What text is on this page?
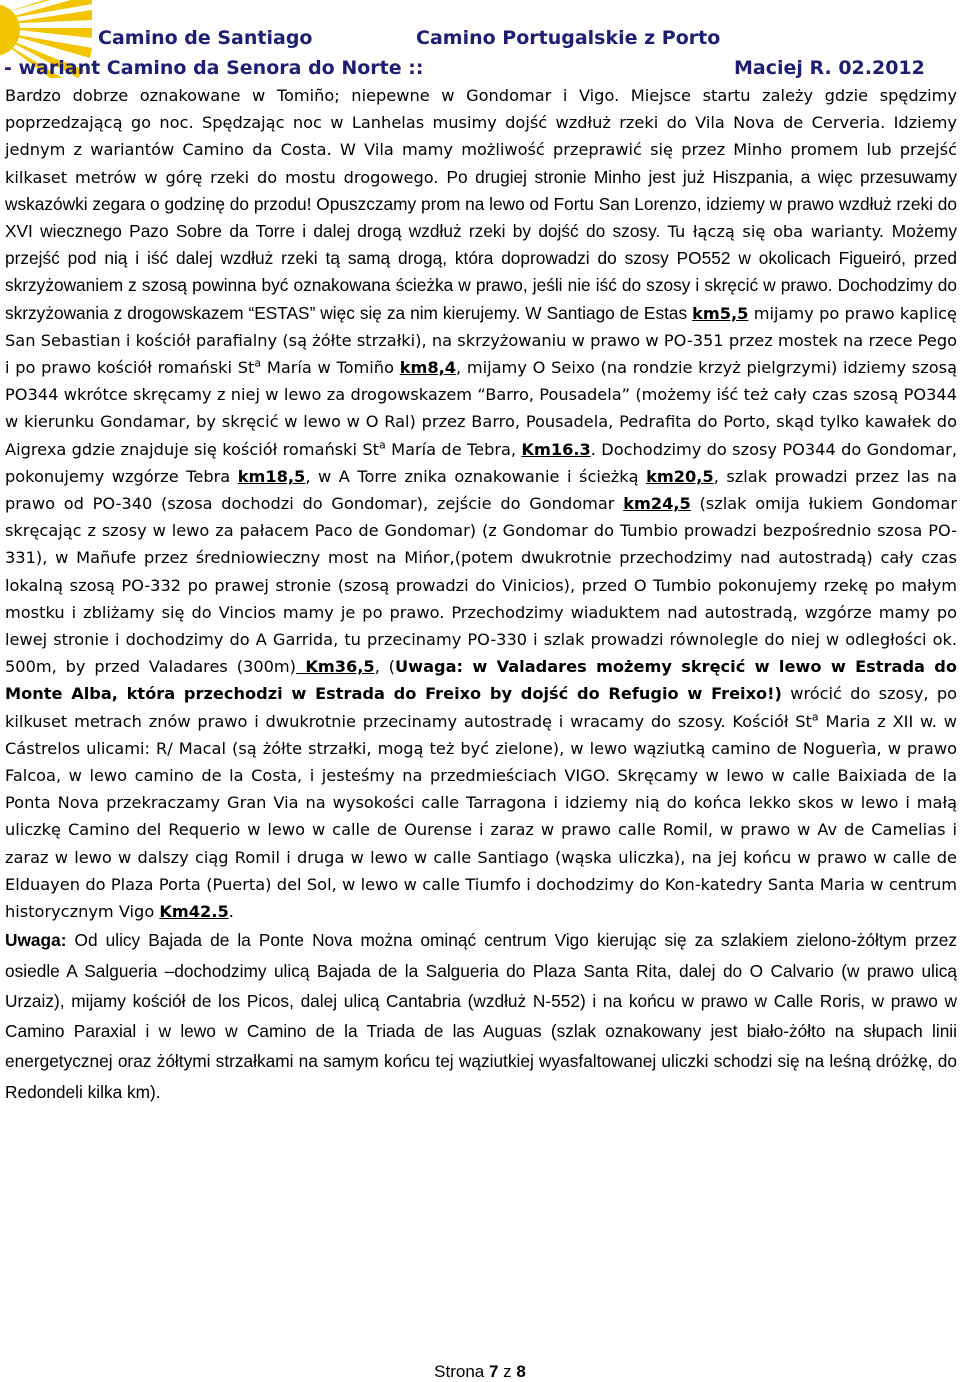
Camino de Santiago	Camino Portugalskie z Porto
- wariant Camino da Senora do Norte ::	Maciej R. 02.2012

Bardzo dobrze oznakowane w Tomiño; niepewne w Gondomar i Vigo. Miejsce startu zależy gdzie spędzimy poprzedzającą go noc. Spędzając noc w Lanhelas musimy dojść wzdłuż rzeki do Vila Nova de Cerveria. Idziemy jednym z wariantów Camino da Costa. W Vila mamy możliwość przeprawić się przez Minho promem lub przejść kilkaset metrów w górę rzeki do mostu drogowego. Po drugiej stronie Minho jest już Hiszpania, a więc przesuwamy wskazówki zegara o godzinę do przodu! Opuszczamy prom na lewo od Fortu San Lorenzo, idziemy w prawo wzdłuż rzeki do XVI wiecznego Pazo Sobre da Torre i dalej drogą wzdłuż rzeki by dojść do szosy. Tu łączą się oba warianty. Możemy przejść pod nią i iść dalej wzdłuż rzeki tą samą drogą, która doprowadzi do szosy PO552 w okolicach Figueiró, przed skrzyżowaniem z szosą powinna być oznakowana ścieżka w prawo, jeśli nie iść do szosy i skręcić w prawo. Dochodzimy do skrzyżowania z drogowskazem “ESTAS” więc się za nim kierujemy. W Santiago de Estas km5,5 mijamy po prawo kaplicę San Sebastian i kościół parafialny (są żółte strzałki), na skrzyżowaniu w prawo w PO-351 przez mostek na rzece Pego i po prawo kościół romański St$^a$ María w Tomiño km8,4, mijamy O Seixo (na rondzie krzyż pielgrzymi) idziemy szosą PO344 wkrótce skręcamy z niej w lewo za drogowskazem “Barro, Pousadela” (możemy iść też cały czas szosą PO344 w kierunku Gondamar, by skręcić w lewo w O Ral) przez Barro, Pousadela, Pedrafita do Porto, skąd tylko kawałek do Aigrexa gdzie znajduje się kościół romański St$^a$ María de Tebra, Km16.3. Dochodzimy do szosy PO344 do Gondomar, pokonujemy wzgórze Tebra km18,5, w A Torre znika oznakowanie i ścieżką km20,5, szlak prowadzi przez las na prawo od PO-340 (szosa dochodzi do Gondomar), zejście do Gondomar km24,5 (szlak omija łukiem Gondomar skręcając z szosy w lewo za pałacem Paco de Gondomar) (z Gondomar do Tumbio prowadzi bezpośrednio szosa PO-331), w Mañufe przez średniowieczny most na Mińor,(potem dwukrotnie przechodzimy nad autostradą) cały czas lokalną szosą PO-332 po prawej stronie (szosą prowadzi do Vinicios), przed O Tumbio pokonujemy rzekę po małym mostku i zbliżamy się do Vincios mamy je po prawo. Przechodzimy wiaduktem nad autostradą, wzgórze mamy po lewej stronie i dochodzimy do A Garrida, tu przecinamy PO-330 i szlak prowadzi równolegle do niej w odległości ok. 500m, by przed Valadares (300m) Km36,5, (Uwaga: w Valadares możemy skręcić w lewo w Estrada do Monte Alba, która przechodzi w Estrada do Freixo by dojść do Refugio w Freixo!) wrócić do szosy, po kilkuset metrach znów prawo i dwukrotnie przecinamy autostradę i wracamy do szosy. Kościół St$^a$ Maria z XII w. w Cástrelos ulicami: R/ Macal (są żółte strzałki, mogą też być zielone), w lewo wąziutką camino de Noguerìa, w prawo Falcoa, w lewo camino de la Costa, i jesteśmy na przedmieściach VIGO. Skręcamy w lewo w calle Baixiada de la Ponta Nova przekraczamy Gran Via na wysokości calle Tarragona i idziemy nią do końca lekko skos w lewo i małą uliczkę Camino del Requerio w lewo w calle de Ourense i zaraz w prawo calle Romil, w prawo w Av de Camelias i zaraz w lewo w dalszy ciąg Romil i druga w lewo w calle Santiago (wąska uliczka), na jej końcu w prawo w calle de Elduayen do Plaza Porta (Puerta) del Sol, w lewo w calle Tiumfo i dochodzimy do Kon-katedry Santa Maria w centrum historycznym Vigo Km42.5.

Uwaga: Od ulicy Bajada de la Ponte Nova można ominąć centrum Vigo kierując się za szlakiem zielono-żółtym przez osiedle A Salgueria –dochodzimy ulicą Bajada de la Salgueria do Plaza Santa Rita, dalej do O Calvario (w prawo ulicą Urzaiz), mijamy kościół de los Picos, dalej ulicą Cantabria (wzdłuż N-552) i na końcu w prawo w Calle Roris, w prawo w Camino Paraxial i w lewo w Camino de la Triada de las Auguas (szlak oznakowany jest biało-żółto na słupach linii energetycznej oraz żółtymi strzałkami na samym końcu tej wąziutkiej wyasfaltowanej uliczki schodzi się na leśną dróżkę, do Redondeli kilka km).

Strona 7 z 8
